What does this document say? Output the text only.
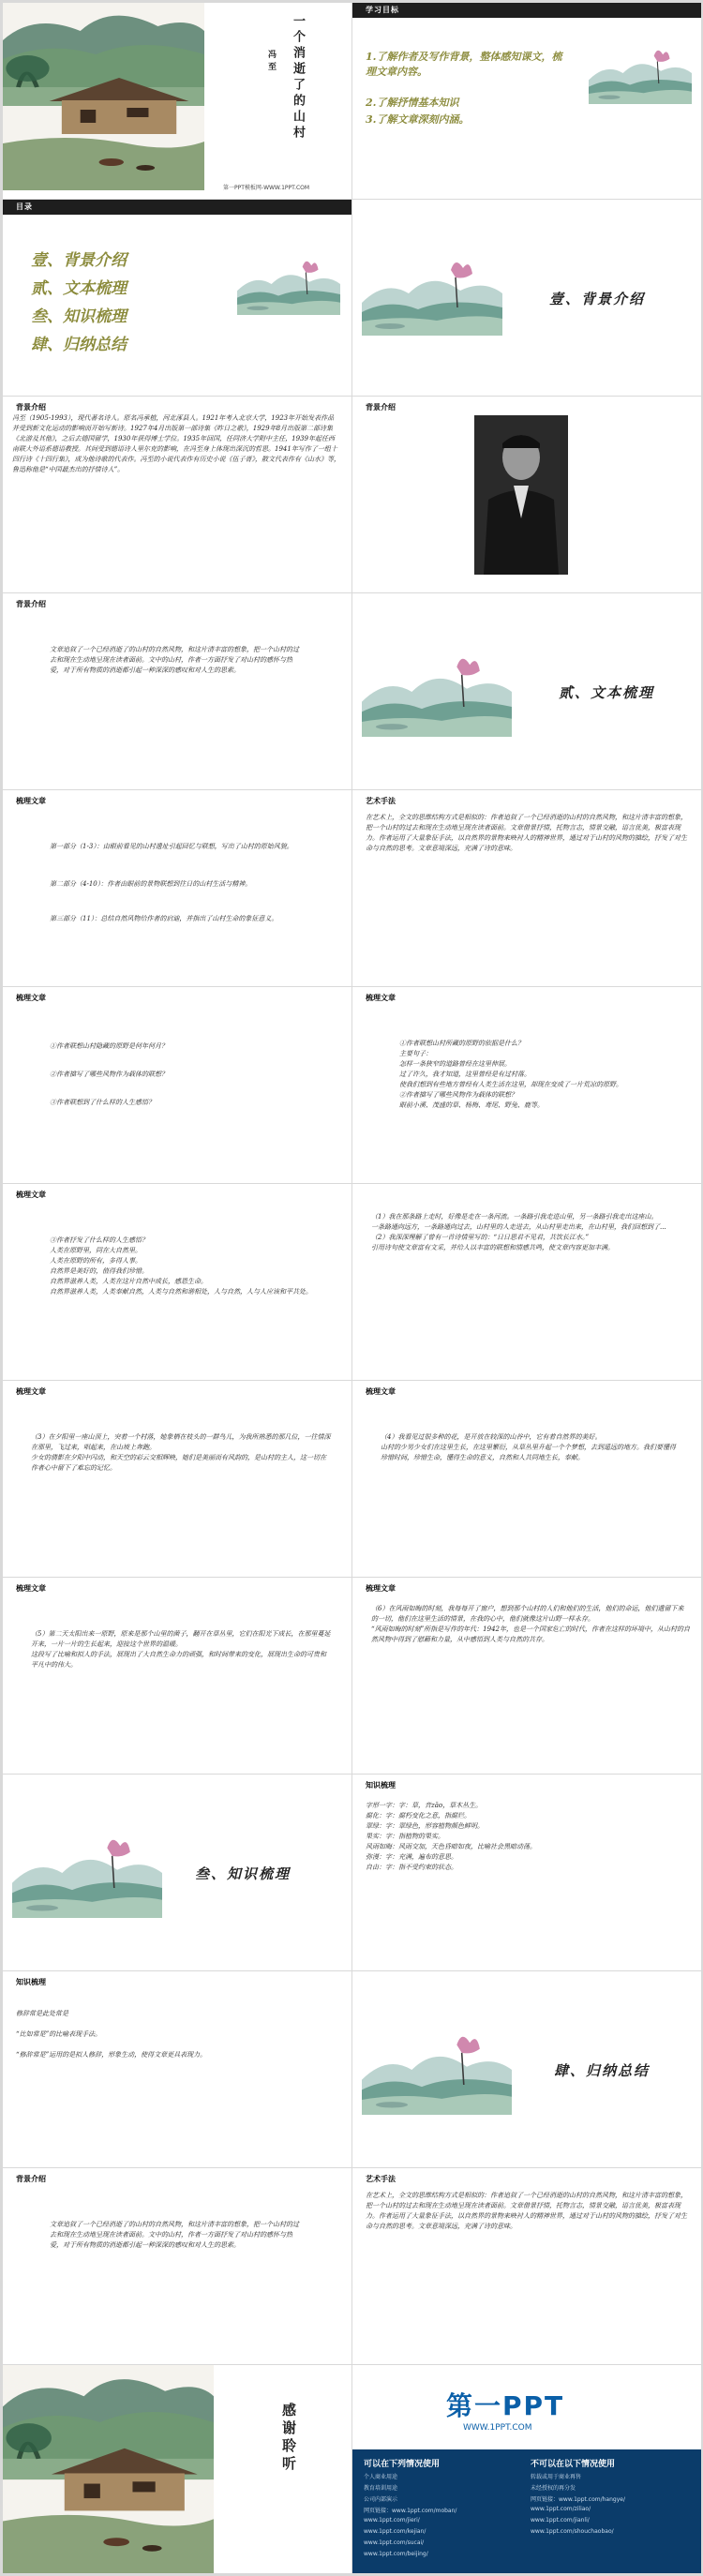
一个消逝了的山村
冯至
第一PPT模板网-WWW.1PPT.COM
学习目标
1.了解作者及写作背景，整体感知课文，梳理文章内容。
2.了解抒情基本知识
3.了解文章深刻内涵。
目录
壹、背景介绍
贰、文本梳理
叁、知识梳理
肆、归纳总结
壹、背景介绍
背景介绍
冯至（1905-1993），现代著名诗人。原名冯承植，河北涿县人。1921年考入北京大学，1923年开始发表作品并受到新文化运动的影响而开始写新诗。1927年4月出版第一部诗集《昨日之歌》，1929年8月出版第二部诗集《北游及其他》，之后去德国留学，1930年获得博士学位。1935年回国，任同济大学附中主任，1939年起任西南联大外语系德语教授。其间受到德语诗人里尔克的影响，在冯至身上体现出深沉的哲思。1941年写作了一组十四行诗《十四行集》，成为他诗歌的代表作。冯至的小说代表作有历史小说《伍子胥》，散文代表作有《山水》等，鲁迅称他是“中国最杰出的抒情诗人”。
背景介绍
背景介绍
文章追叙了一个已经消逝了的山村的自然风物，和这片清丰富的想象，把一个山村的过去和现在生动地呈现在读者面前。文中的山村，作者一方面抒发了对山村的感怀与热爱，对于所有物质的消逝都引起一种深深的感叹和对人生的思索。
贰、文本梳理
梳理文章
第一部分（1-3）：由眼前看见的山村遗址引起回忆与联想，写出了山村的原始风貌。
第二部分（4-10）：作者由眼前的景物联想到往日的山村生活与精神。
第三部分（11）：总结自然风物给作者的启迪，并指出了山村生命的象征意义。
艺术手法
在艺术上，全文的思维结构方式是相似的：作者追叙了一个已经消逝的山村的自然风物，和这片清丰富的想象，把一个山村的过去和现在生动地呈现在读者面前。文章借景抒情，托物言志，情景交融，语言优美，极富表现力。作者运用了大量象征手法，以自然界的景物来映衬人的精神世界，通过对于山村的风物的描绘，抒发了对生命与自然的思考。文章意境深远，充满了诗的意味。
梳理文章
①作者联想山村隐藏的原野是何年何月？
②作者描写了哪些风物作为载体的联想？
③作者联想到了什么样的人生感悟？
梳理文章
①作者联想山村所藏的原野的依据是什么？
主要句子：
怎样一条狭窄的道路曾经在这里伸展。
过了许久，我才知道，这里曾经是有过村落。
使我们想到有些地方曾经有人类生活在这里，却现在变成了一片荒凉的原野。
②作者描写了哪些风物作为载体的联想？
眼前小溪、茂盛的草、杨梅、鸢尾、野兔、鹿等。
梳理文章
③作者抒发了什么样的人生感悟？
人类在原野里，同在大自然里。
人类在原野的所有，多得人事。
自然界是美好的，值得我们珍惜。
自然界滋养人类，人类在这片自然中成长，感恩生命。
自然界滋养人类，人类奉献自然，人类与自然和谐相处，人与自然，人与人应该和平共处。
（1）我在那条路上走时，好像是走在一条河流。一条路引我走进山里，另一条路引我走出这座山。
一条路通向远方，一条路通向过去，山村里的人走进去，从山村里走出来，在山村里，我们回想到了...
（2）我深深理解了曾有一首诗情里写的：“日日思君不见君，共饮长江水。”
引用诗句使文章富有文采，并给人以丰富的联想和情感共鸣，使文章内容更加丰满。
梳理文章
（3）在夕阳里一座山顶上，突着一个村落，她象栖在枝头的一群鸟儿，为我所熟悉的那几位，一往情深在那里，飞过来，唱起来，在山坡上奔跑。
少女的倩影在夕阳中闪动，和天空的彩云交相辉映，她们是美丽而有风韵的，是山村的主人，这一切在作者心中留下了难忘的记忆。
梳理文章
（4）我看见过很多种的花，是开放在较深的山谷中，它有着自然界的美好。
山村的少男少女们在这里生长，在这里繁衍，从草丛里升起一个个梦想，去到遥远的地方。我们要懂得珍惜时间，珍惜生命，懂得生命的意义，自然和人共同地生长，奉献。
梳理文章
（5）第二天太阳出来一原野，原来是那个山里的菌子，翻开在草丛里，它们在阳光下成长，在那里蔓延开来，一片一片的生长起来，迎接这个世界的温暖。
这段写了比喻和拟人的手法，展现出了大自然生命力的顽强，和时间带来的变化，展现出生命的可贵和平凡中的伟大。
梳理文章
（6）在风雨如晦的时刻，我每每开了窗户，想到那个山村的人们和他们的生活，他们的命运，他们遗留下来的一切，他们在这里生活的情景，在我的心中，他们就像这片山野一样永存。
“风雨如晦的时刻”所指是写作的年代：1942年，也是一个国家危亡的时代，作者在这样的环境中，从山村的自然风物中得到了慰藉和力量，从中感悟到人类与自然的共存。
叁、知识梳理
知识梳理
字形一字：字：草，音zǎo，草木丛生。
腐化：字：腐朽变化之意，指腐烂。
翠绿：字：翠绿色，形容植物颜色鲜明。
果实：字：指植物的果实。
风雨如晦：风雨交加，天色昏暗如夜，比喻社会黑暗动荡。
弥漫：字：充满，遍布的意思。
自由：字：指不受约束的状态。
知识梳理
修辞常是此处常是
“比如常是”的比喻表现手法。
“修辞常是”运用的是拟人修辞，形象生动，使得文章更具表现力。
肆、归纳总结
背景介绍
文章追叙了一个已经消逝了的山村的自然风物，和这片清丰富的想象，把一个山村的过去和现在生动地呈现在读者面前。文中的山村，作者一方面抒发了对山村的感怀与热爱，对于所有物质的消逝都引起一种深深的感叹和对人生的思索。
艺术手法
在艺术上，全文的思维结构方式是相似的：作者追叙了一个已经消逝的山村的自然风物，和这片清丰富的想象，把一个山村的过去和现在生动地呈现在读者面前。文章借景抒情，托物言志，情景交融，语言优美，极富表现力。作者运用了大量象征手法，以自然界的景物来映衬人的精神世界，通过对于山村的风物的描绘，抒发了对生命与自然的思考。文章意境深远，充满了诗的意味。
感谢聆听	第一PPT
WWW.1PPT.COM
可以在下列情况使用	不可以在以下情况使用
个人商业用途
教育培训用途
公司内部演示
网页链接：www.1ppt.com/moban/
www.1ppt.com/jieri/
www.1ppt.com/kejian/
www.1ppt.com/sucai/
www.1ppt.com/beijing/
转载或用于商业再售
未经授权的再分发
网页链接：www.1ppt.com/hangye/
www.1ppt.com/ziliao/
www.1ppt.com/jianli/
www.1ppt.com/shouchaobao/
